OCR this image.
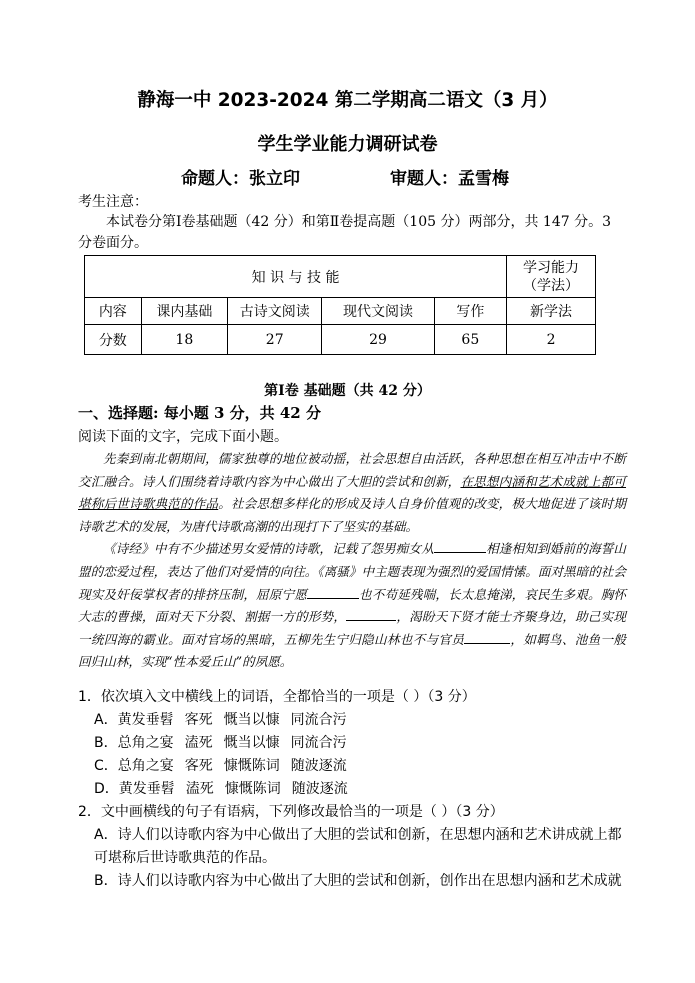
静海一中 2023-2024 第二学期高二语文（3 月）
学生学业能力调研试卷
命题人：张立印	审题人：孟雪梅
考生注意：

本试卷分第Ⅰ卷基础题（42 分）和第Ⅱ卷提高题（105 分）两部分，共 147 分。3 分卷面分。

知 识 与 技 能					学习能力（学法）
内容	课内基础	古诗文阅读	现代文阅读	写作	新学法
分数	18	27	29	65	2
第Ⅰ卷 基础题（共 42 分）
一、选择题: 每小题 3 分，共 42 分
阅读下面的文字，完成下面小题。

先秦到南北朝期间，儒家独尊的地位被动摇，社会思想自由活跃，各种思想在相互冲击中不断交汇融合。诗人们围绕着诗歌内容为中心做出了大胆的尝试和创新，在思想内涵和艺术成就上都可堪称后世诗歌典范的作品。社会思想多样化的形成及诗人自身价值观的改变，极大地促进了该时期诗歌艺术的发展，为唐代诗歌高潮的出现打下了坚实的基础。

《诗经》中有不少描述男女爱情的诗歌，记载了怨男痴女从	相逢相知到婚前的海誓山盟的恋爱过程，表达了他们对爱情的向往。《离骚》中主题表现为强烈的爱国情愫。面对黑暗的社会现实及奸佞掌权者的排挤压制，屈原宁愿	也不苟延残喘，长太息掩涕，哀民生多艰。胸怀大志的曹操，面对天下分裂、割据一方的形势，	，渴盼天下贤才能士齐聚身边，助己实现一统四海的霸业。面对官场的黑暗，五柳先生宁归隐山林也不与官员	，如羁鸟、池鱼一般回归山林，实现“性本爱丘山”的夙愿。

1．依次填入文中横线上的词语，全都恰当的一项是（ ）（3 分）

A．黄发垂髫 客死 慨当以慷 同流合污

B．总角之宴 溘死 慨当以慷 同流合污

C．总角之宴 客死 慷慨陈词 随波逐流

D．黄发垂髫 溘死 慷慨陈词 随波逐流

2．文中画横线的句子有语病，下列修改最恰当的一项是（ ）（3 分）

A．诗人们以诗歌内容为中心做出了大胆的尝试和创新，在思想内涵和艺术讲成就上都可堪称后世诗歌典范的作品。

B．诗人们以诗歌内容为中心做出了大胆的尝试和创新，创作出在思想内涵和艺术成就
